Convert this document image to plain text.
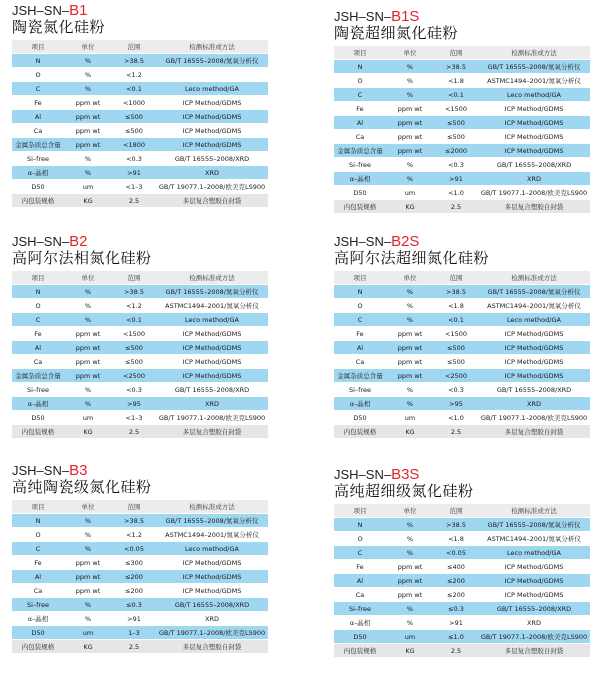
JSH–SN–B1
陶瓷氮化硅粉
项目	单位	范围	检测标准或方法
N	%	>38.5	GB/T 16555–2008/氮氧分析仪
O	%	<1.2	
C	%	<0.1	Leco method/GA
Fe	ppm wt	<1000	ICP Method/GDMS
Al	ppm wt	≤500	ICP Method/GDMS
Ca	ppm wt	≤500	ICP Method/GDMS
金属杂质总含量	ppm wt	<1800	ICP Method/GDMS
Si–free	%	<0.3	GB/T 16555–2008/XRD
α–晶相	%	>91	XRD
D50	um	<1–3	GB/T 19077.1–2008/欧美克LS900
内包装规格	KG	2.5	多层复合塑胶自封袋
JSH–SN–B1S
陶瓷超细氮化硅粉
项目	单位	范围	检测标准或方法
N	%	>38.5	GB/T 16555–2008/氮氧分析仪
O	%	<1.8	ASTMC1494–2001/氮氧分析仪
C	%	<0.1	Leco method/GA
Fe	ppm wt	<1500	ICP Method/GDMS
Al	ppm wt	≤500	ICP Method/GDMS
Ca	ppm wt	≤500	ICP Method/GDMS
金属杂质总含量	ppm wt	≤2000	ICP Method/GDMS
Si–free	%	<0.3	GB/T 16555–2008/XRD
α–晶相	%	>91	XRD
D50	um	<1.0	GB/T 19077.1–2008/欧美克LS900
内包装规格	KG	2.5	多层复合塑胶自封袋
JSH–SN–B2
高阿尔法相氮化硅粉
项目	单位	范围	检测标准或方法
N	%	>38.5	GB/T 16555–2008/氮氧分析仪
O	%	<1.2	ASTMC1494–2001/氮氧分析仪
C	%	<0.1	Leco method/GA
Fe	ppm wt	<1500	ICP Method/GDMS
Al	ppm wt	≤500	ICP Method/GDMS
Ca	ppm wt	≤500	ICP Method/GDMS
金属杂质总含量	ppm wt	<2500	ICP Method/GDMS
Si–free	%	<0.3	GB/T 16555–2008/XRD
α–晶相	%	>95	XRD
D50	um	<1–3	GB/T 19077.1–2008/欧美克LS900
内包装规格	KG	2.5	多层复合塑胶自封袋
JSH–SN–B2S
高阿尔法超细氮化硅粉
项目	单位	范围	检测标准或方法
N	%	>38.5	GB/T 16555–2008/氮氧分析仪
O	%	<1.8	ASTMC1494–2001/氮氧分析仪
C	%	<0.1	Leco method/GA
Fe	ppm wt	<1500	ICP Method/GDMS
Al	ppm wt	≤500	ICP Method/GDMS
Ca	ppm wt	≤500	ICP Method/GDMS
金属杂质总含量	ppm wt	<2500	ICP Method/GDMS
Si–free	%	<0.3	GB/T 16555–2008/XRD
α–晶相	%	>95	XRD
D50	um	<1.0	GB/T 19077.1–2008/欧美克LS900
内包装规格	KG	2.5	多层复合塑胶自封袋
JSH–SN–B3
高纯陶瓷级氮化硅粉
项目	单位	范围	检测标准或方法
N	%	>38.5	GB/T 16555–2008/氮氧分析仪
O	%	<1.2	ASTMC1494–2001/氮氧分析仪
C	%	<0.05	Leco method/GA
Fe	ppm wt	≤300	ICP Method/GDMS
Al	ppm wt	≤200	ICP Method/GDMS
Ca	ppm wt	≤200	ICP Method/GDMS
Si–free	%	≤0.3	GB/T 16555–2008/XRD
α–晶相	%	>91	XRD
D50	um	1–3	GB/T 19077.1–2008/欧美克LS900
内包装规格	KG	2.5	多层复合塑胶自封袋
JSH–SN–B3S
高纯超细级氮化硅粉
项目	单位	范围	检测标准或方法
N	%	>38.5	GB/T 16555–2008/氮氧分析仪
O	%	<1.8	ASTMC1494–2001/氮氧分析仪
C	%	<0.05	Leco method/GA
Fe	ppm wt	≤400	ICP Method/GDMS
Al	ppm wt	≤200	ICP Method/GDMS
Ca	ppm wt	≤200	ICP Method/GDMS
Si–free	%	≤0.3	GB/T 16555–2008/XRD
α–晶相	%	>91	XRD
D50	um	≤1.0	GB/T 19077.1–2008/欧美克LS900
内包装规格	KG	2.5	多层复合塑胶自封袋
